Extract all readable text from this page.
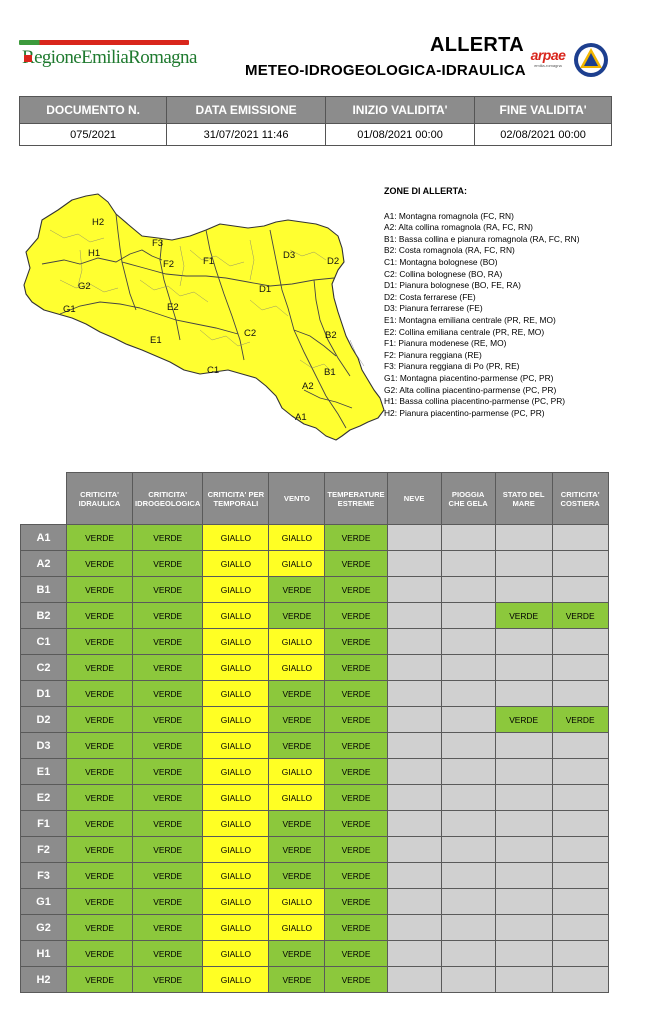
RegioneEmiliaRomagna
ALLERTA
METEO-IDROGEOLOGICA-IDRAULICA
arpae
emilia-romagna
DOCUMENTO N.	DATA EMISSIONE	INIZIO VALIDITA'	FINE VALIDITA'
075/2021	31/07/2021 11:46	01/08/2021 00:00	02/08/2021 00:00
H2
F3
H1
F2	F1
D3
D2
G2	D1
G1	E2
E1
C2	B2
B1
C1
A2
A1
ZONE DI ALLERTA:
A1: Montagna romagnola (FC, RN)
A2: Alta collina romagnola (RA, FC, RN)
B1: Bassa collina e pianura romagnola (RA, FC, RN)
B2: Costa romagnola (RA, FC, RN)
C1: Montagna bolognese (BO)
C2: Collina bolognese (BO, RA)
D1: Pianura bolognese (BO, FE, RA)
D2: Costa ferrarese (FE)
D3: Pianura ferrarese (FE)
E1: Montagna emiliana centrale (PR, RE, MO)
E2: Collina emiliana centrale (PR, RE, MO)
F1: Pianura modenese (RE, MO)
F2: Pianura reggiana (RE)
F3: Pianura reggiana di Po (PR, RE)
G1: Montagna piacentino-parmense (PC, PR)
G2: Alta collina piacentino-parmense (PC, PR)
H1: Bassa collina piacentino-parmense (PC, PR)
H2: Pianura piacentino-parmense (PC, PR)
	CRITICITA' IDRAULICA	CRITICITA' IDROGEOLOGICA	CRITICITA' PER TEMPORALI	VENTO	TEMPERATURE ESTREME	NEVE	PIOGGIA CHE GELA	STATO DEL MARE	CRITICITA' COSTIERA
A1	VERDE	VERDE	GIALLO	GIALLO	VERDE				
A2	VERDE	VERDE	GIALLO	GIALLO	VERDE				
B1	VERDE	VERDE	GIALLO	VERDE	VERDE				
B2	VERDE	VERDE	GIALLO	VERDE	VERDE			VERDE	VERDE
C1	VERDE	VERDE	GIALLO	GIALLO	VERDE				
C2	VERDE	VERDE	GIALLO	GIALLO	VERDE				
D1	VERDE	VERDE	GIALLO	VERDE	VERDE				
D2	VERDE	VERDE	GIALLO	VERDE	VERDE			VERDE	VERDE
D3	VERDE	VERDE	GIALLO	VERDE	VERDE				
E1	VERDE	VERDE	GIALLO	GIALLO	VERDE				
E2	VERDE	VERDE	GIALLO	GIALLO	VERDE				
F1	VERDE	VERDE	GIALLO	VERDE	VERDE				
F2	VERDE	VERDE	GIALLO	VERDE	VERDE				
F3	VERDE	VERDE	GIALLO	VERDE	VERDE				
G1	VERDE	VERDE	GIALLO	GIALLO	VERDE				
G2	VERDE	VERDE	GIALLO	GIALLO	VERDE				
H1	VERDE	VERDE	GIALLO	VERDE	VERDE				
H2	VERDE	VERDE	GIALLO	VERDE	VERDE				
